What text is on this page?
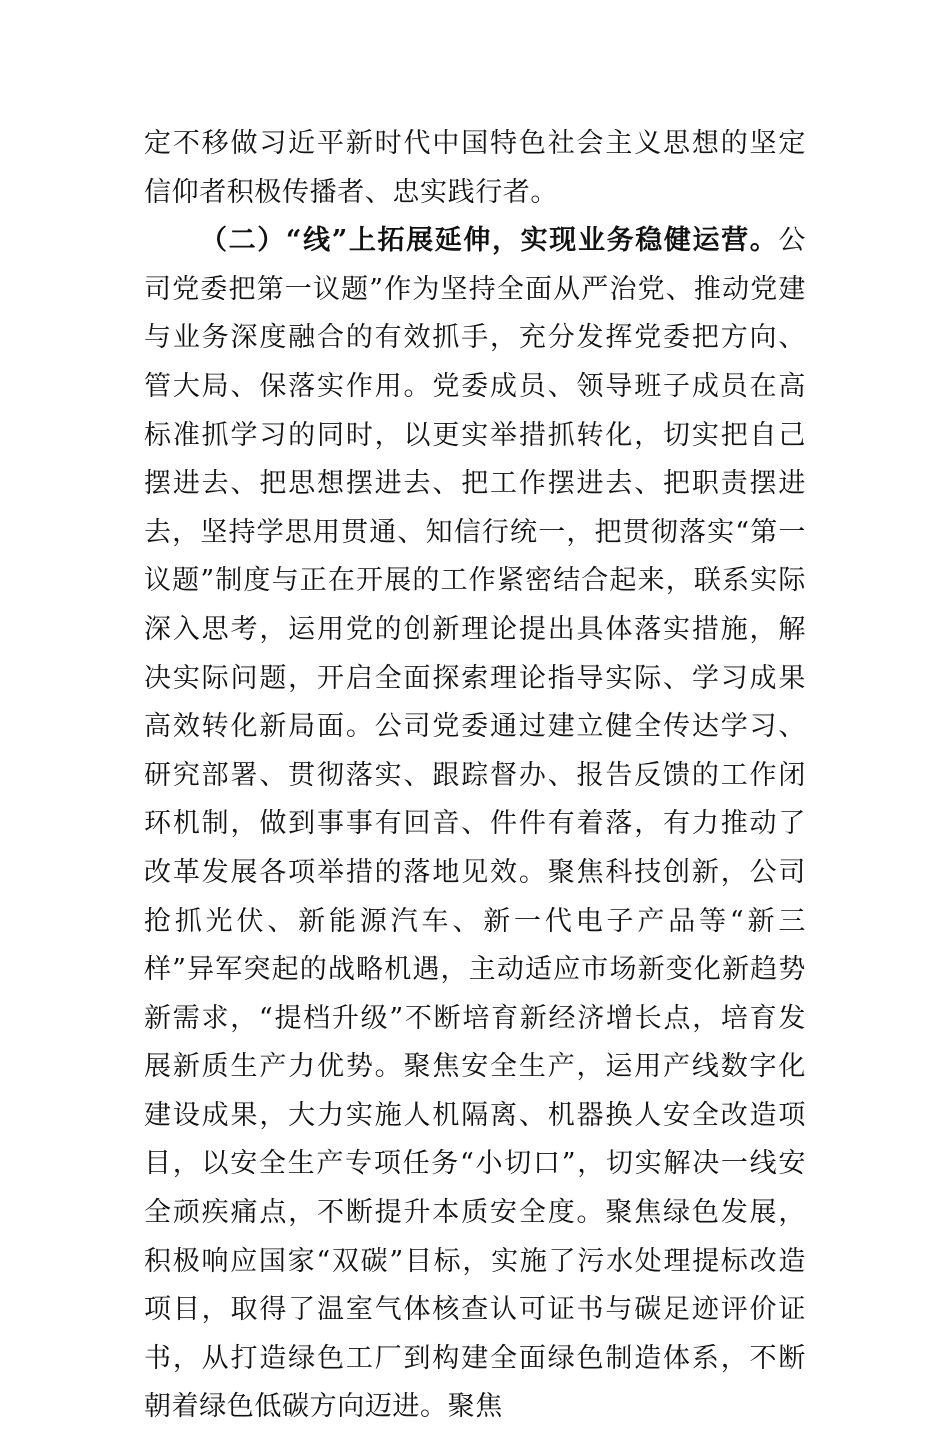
定不移做习近平新时代中国特色社会主义思想的坚定信仰者积极传播者、忠实践行者。

（二）“线”上拓展延伸，实现业务稳健运营。公司党委把第一议题”作为坚持全面从严治党、推动党建与业务深度融合的有效抓手，充分发挥党委把方向、管大局、保落实作用。党委成员、领导班子成员在高标准抓学习的同时，以更实举措抓转化，切实把自己摆进去、把思想摆进去、把工作摆进去、把职责摆进去，坚持学思用贯通、知信行统一，把贯彻落实“第一议题”制度与正在开展的工作紧密结合起来，联系实际深入思考，运用党的创新理论提出具体落实措施，解决实际问题，开启全面探索理论指导实际、学习成果高效转化新局面。公司党委通过建立健全传达学习、研究部署、贯彻落实、跟踪督办、报告反馈的工作闭环机制，做到事事有回音、件件有着落，有力推动了改革发展各项举措的落地见效。聚焦科技创新，公司抢抓光伏、新能源汽车、新一代电子产品等“新三样”异军突起的战略机遇，主动适应市场新变化新趋势新需求，“提档升级”不断培育新经济增长点，培育发展新质生产力优势。聚焦安全生产，运用产线数字化建设成果，大力实施人机隔离、机器换人安全改造项目，以安全生产专项任务“小切口”，切实解决一线安全顽疾痛点，不断提升本质安全度。聚焦绿色发展，积极响应国家“双碳”目标，实施了污水处理提标改造项目，取得了温室气体核查认可证书与碳足迹评价证书，从打造绿色工厂到构建全面绿色制造体系，不断朝着绿色低碳方向迈进。聚焦
